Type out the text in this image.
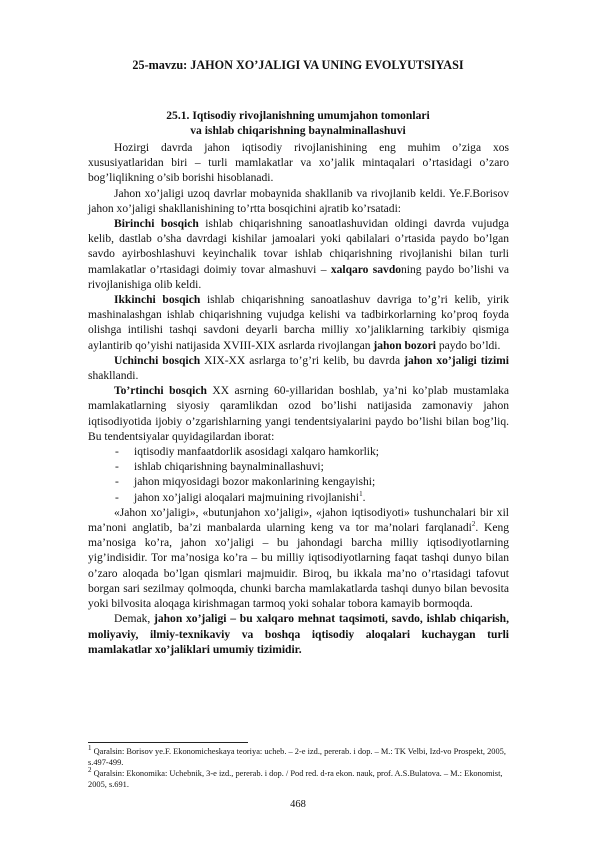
25-mavzu: JAHON XO’JALIGI VA UNING EVOLYUTSIYASI
25.1. Iqtisodiy rivojlanishning umumjahon tomonlari
va ishlab chiqarishning baynalminallashuvi

Hozirgi davrda jahon iqtisodiy rivojlanishining eng muhim o’ziga xos xususiyatlaridan biri – turli mamlakatlar va xo’jalik mintaqalari o’rtasidagi o’zaro bog’liqlikning o’sib borishi hisoblanadi.

Jahon xo’jaligi uzoq davrlar mobaynida shakllanib va rivojlanib keldi. Ye.F.Borisov jahon xo’jaligi shakllanishining to’rtta bosqichini ajratib ko’rsatadi:

Birinchi bosqich ishlab chiqarishning sanoatlashuvidan oldingi davrda vujudga kelib, dastlab o’sha davrdagi kishilar jamoalari yoki qabilalari o’rtasida paydo bo’lgan savdo ayirboshlashuvi keyinchalik tovar ishlab chiqarishning rivojlanishi bilan turli mamlakatlar o’rtasidagi doimiy tovar almashuvi – xalqaro savdoning paydo bo’lishi va rivojlanishiga olib keldi.

Ikkinchi bosqich ishlab chiqarishning sanoatlashuv davriga to’g’ri kelib, yirik mashinalashgan ishlab chiqarishning vujudga kelishi va tadbirkorlarning ko’proq foyda olishga intilishi tashqi savdoni deyarli barcha milliy xo’jaliklarning tarkibiy qismiga aylantirib qo’yishi natijasida XVIII-XIX asrlarda rivojlangan jahon bozori paydo bo’ldi.

Uchinchi bosqich XIX-XX asrlarga to’g’ri kelib, bu davrda jahon xo’jaligi tizimi shakllandi.

To’rtinchi bosqich XX asrning 60-yillaridan boshlab, ya’ni ko’plab mustamlaka mamlakatlarning siyosiy qaramlikdan ozod bo’lishi natijasida zamonaviy jahon iqtisodiyotida ijobiy o’zgarishlarning yangi tendentsiyalarini paydo bo’lishi bilan bog’liq. Bu tendentsiyalar quyidagilardan iborat:

- iqtisodiy manfaatdorlik asosidagi xalqaro hamkorlik;
- ishlab chiqarishning baynalminallashuvi;
- jahon miqyosidagi bozor makonlarining kengayishi;
- jahon xo’jaligi aloqalari majmuining rivojlanishi$^1$.

«Jahon xo’jaligi», «butunjahon xo’jaligi», «jahon iqtisodiyoti» tushunchalari bir xil ma’noni anglatib, ba’zi manbalarda ularning keng va tor ma’nolari farqlanadi$^2$. Keng ma’nosiga ko’ra, jahon xo’jaligi – bu jahondagi barcha milliy iqtisodiyotlarning yig’indisidir. Tor ma’nosiga ko’ra – bu milliy iqtisodiyotlarning faqat tashqi dunyo bilan o’zaro aloqada bo’lgan qismlari majmuidir. Biroq, bu ikkala ma’no o’rtasidagi tafovut borgan sari sezilmay qolmoqda, chunki barcha mamlakatlarda tashqi dunyo bilan bevosita yoki bilvosita aloqaga kirishmagan tarmoq yoki sohalar tobora kamayib bormoqda.

Demak, jahon xo’jaligi – bu xalqaro mehnat taqsimoti, savdo, ishlab chiqarish, moliyaviy, ilmiy-texnikaviy va boshqa iqtisodiy aloqalari kuchaygan turli mamlakatlar xo’jaliklari umumiy tizimidir.

$^1$ Qaralsin: Borisov ye.F. Ekonomicheskaya teoriya: ucheb. – 2-e izd., pererab. i dop. – M.: TK Velbi, Izd-vo Prospekt, 2005, s.497-499.
$^2$ Qaralsin: Ekonomika: Uchebnik, 3-e izd., pererab. i dop. / Pod red. d-ra ekon. nauk, prof. A.S.Bulatova. – M.: Ekonomist, 2005, s.691.
468
